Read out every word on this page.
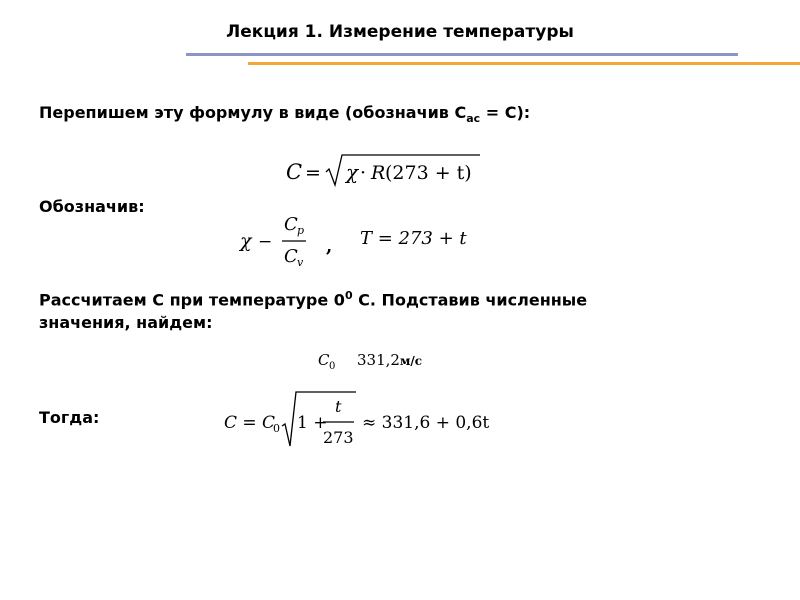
Лекция 1. Измерение температуры
Перепишем эту формулу в виде (обозначив $С_{ас} = С$):
C = χ · R (273 + t)
Обозначив:
χ −
C p
C v
, T = 273 + t
Рассчитаем С при температуре $0^0$ С. Подставив численные
значения, найдем:
C 0 331,2 м/с
Тогда:	C = C
0 1 +
t
273
≈ 331,6 + 0,6t
